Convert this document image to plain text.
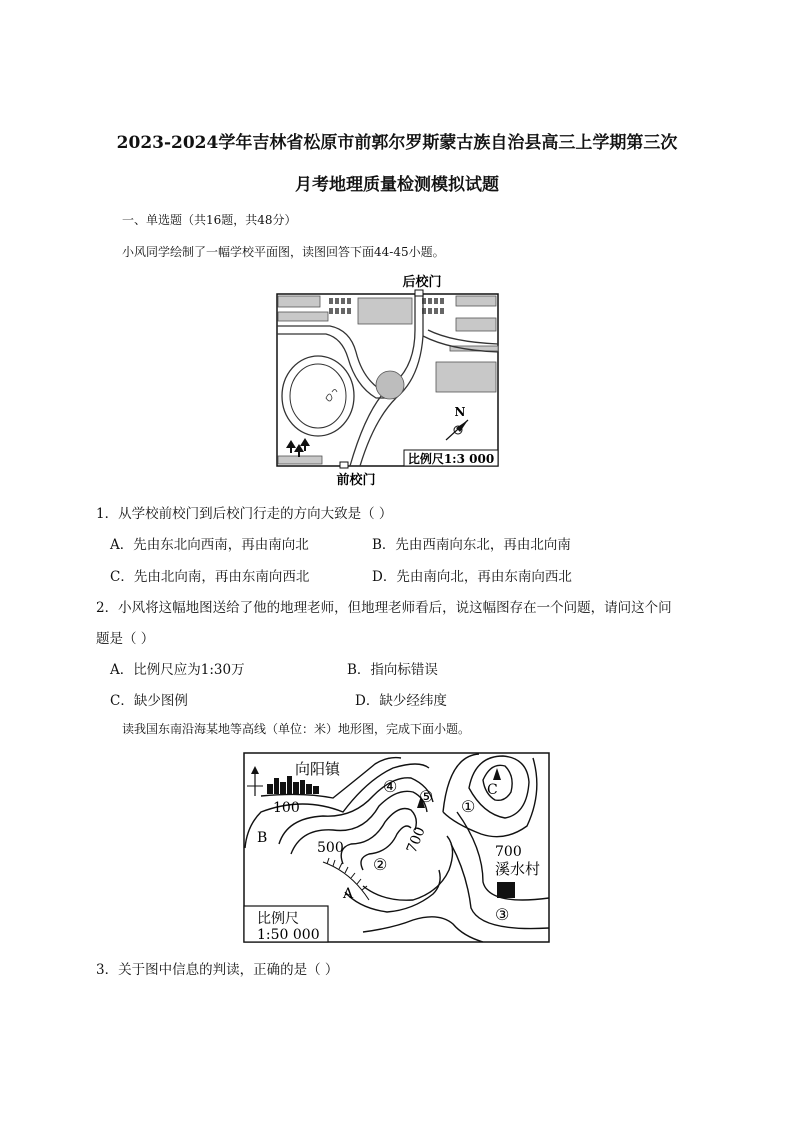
2023-2024学年吉林省松原市前郭尔罗斯蒙古族自治县高三上学期第三次
月考地理质量检测模拟试题
一、单选题（共16题，共48分）
小风同学绘制了一幅学校平面图，读图回答下面44-45小题。
N
比例尺1:3 000
后校门
前校门
1．从学校前校门到后校门行走的方向大致是（ ）
A．先由东北向西南，再由南向北	B．先由西南向东北，再由北向南
C．先由北向南，再由东南向西北	D．先由南向北，再由东南向西北
2．小风将这幅地图送给了他的地理老师，但地理老师看后，说这幅图存在一个问题，请问这个问
题是（ ）
A．比例尺应为1:30万	B．指向标错误
C．缺少图例	D．缺少经纬度
读我国东南沿海某地等高线（单位：米）地形图，完成下面小题。
比例尺
1:50 000
向阳镇
100
500	700	700
溪水村
A
B
C
①
②
③
④
⑤
3．关于图中信息的判读，正确的是（ ）
